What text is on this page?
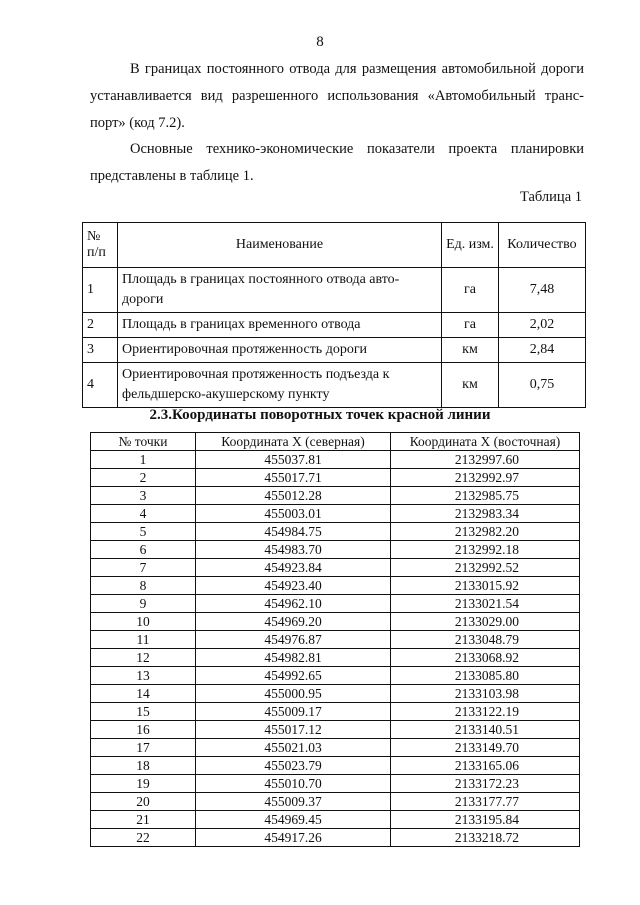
8
В границах постоянного отвода для размещения автомобильной дороги устанавливается вид разрешенного использования «Автомобильный транс-порт» (код 7.2).
Основные технико-экономические показатели проекта планировки представлены в таблице 1.
Таблица 1
№ п/п	Наименование	Ед. изм.	Количество
1	Площадь в границах постоянного отвода авто-дороги	га	7,48
2	Площадь в границах временного отвода	га	2,02
3	Ориентировочная протяженность дороги	км	2,84
4	Ориентировочная протяженность подъезда к фельдшерско-акушерскому пункту	км	0,75
2.3.Координаты поворотных точек красной линии
№ точки	Координата X (северная)	Координата X (восточная)
1	455037.81	2132997.60
2	455017.71	2132992.97
3	455012.28	2132985.75
4	455003.01	2132983.34
5	454984.75	2132982.20
6	454983.70	2132992.18
7	454923.84	2132992.52
8	454923.40	2133015.92
9	454962.10	2133021.54
10	454969.20	2133029.00
11	454976.87	2133048.79
12	454982.81	2133068.92
13	454992.65	2133085.80
14	455000.95	2133103.98
15	455009.17	2133122.19
16	455017.12	2133140.51
17	455021.03	2133149.70
18	455023.79	2133165.06
19	455010.70	2133172.23
20	455009.37	2133177.77
21	454969.45	2133195.84
22	454917.26	2133218.72
